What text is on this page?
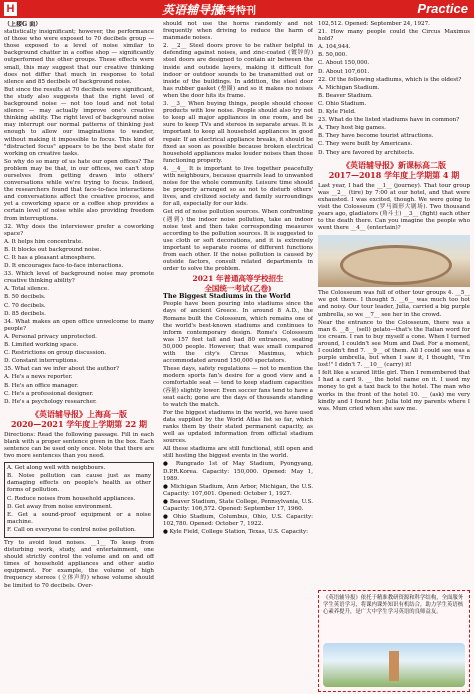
H	英语辅导报
高考特刊	Practice

（上接G 面）

statistically insignificant; however, the performance of those who were exposed to 70 decibels group — those exposed to a level of noise similar to background chatter in a coffee shop — significantly outperformed the other groups. These effects were small, this may suggest that our creative thinking does not differ that much in response to total silence and 85 decibels of background noise.

But since the results at 70 decibels were significant, the study also suggests that the right level of background noise — not too loud and not total silence — may actually improve one's creative thinking ability. The right level of background noise may interrupt our normal patterns of thinking just enough to allow our imaginations to wander, without making it impossible to focus. This kind of "distracted focus" appears to be the best state for working on creative tasks.

So why do so many of us hate our open offices? The problem may be that, in our offices, we can't stop ourselves from getting drawn into others' conversations while we're trying to focus. Indeed, the researchers found that face-to-face interactions and conversations affect the creative process, and yet a coworking space or a coffee shop provides a certain level of noise while also providing freedom from interruptions.

32. Why does the interviewer prefer a coworking space?

A. It helps him concentrate.

B. It blocks out background noise.

C. It has a pleasant atmosphere.

D. It encourages face-to-face interactions.

33. Which level of background noise may promote creative thinking ability?

A. Total silence.

B. 50 decibels.

C. 70 decibels.

D. 85 decibels.

34. What makes an open office unwelcome to many people?

A. Personal privacy unprotected.

B. Limited working space.

C. Restrictions on group discussion.

D. Constant interruptions.

35. What can we infer about the author?

A. He's a news reporter.

B. He's an office manager.

C. He's a professional designer.

D. He's a psychology researcher.

《英语辅导报》上海高一版
2020—2021 学年度上学期第 22 期

Directions: Read the following passage. Fill in each blank with a proper sentence given in the box. Each sentence can be used only once. Note that there are two more sentences than you need.

A. Get along well with neighbours.

B. Noise pollution can cause just as many damaging effects on people's health as other forms of pollution.

C. Reduce noises from household appliances.

D. Get away from noise environment.

E. Get a sound-proof equipment or a noise machine.

F. Call on everyone to control noise pollution.

Try to avoid loud noises. __1__ To keep from disturbing work, study, and entertainment, one should strictly control the volume and on and off times of household appliances and other audio equipment. For example, the volume of high frequency stereos (立体声的) whose volume should be limited to 70 decibels. Over-

should not use the horns randomly and not frequently when driving to reduce the harm of manmade noises.

2. __2__ Steel doors prove to be rather helpful in defending against noises, and zinc-coated (镀锌的) steel doors are designed to contain air between the inside and outside layers, making it difficult for indoor or outdoor sounds to be transmitted out or inside of the buildings. In addition, the steel door has rubber gasket (垫圈) and so it makes no noises when the door hits its frame.

3. __3__ When buying things, people should choose products with low noise. People should also try not to keep all major appliances in one room, and be sure to keep TVs and stereos in separate areas. It is important to keep all household appliances in good repair. If an electrical appliance breaks, it should be fixed as soon as possible because broken electrical household appliances make louder noises than those functioning properly.

4. __4__ It is important to live together peacefully with neighbours, because quarrels lead to unwanted noise for the whole community. Leisure time should be properly arranged so as not to disturb others' lives, and civilized society and family surroundings for all, especially for our kids.

Get rid of noise pollution sources. When confronting (遇到) the indoor noise pollution, take an indoor noise test and then take corresponding measures according to the pollution sources. It is suggested to use cloth or soft decorations, and it is extremely important to separate rooms of different functions from each other. If the noise pollution is caused by outside factors, consult related departments in order to solve the problem.

2021 年普通高等学校招生
全国统一考试(乙卷)

The Biggest Stadiums in the World

People have been pouring into stadiums since the days of ancient Greece. In around 8 A.D., the Romans built the Colosseum, which remains one of the world's best-known stadiums and continues to inform contemporary design. Rome's Colosseum was 157 feet tall and had 80 entrances, seating 50,000 people. However, that was small compared with the city's Circus Maximus, which accommodated around 150,000 spectators.

These days, safety regulations — not to mention the modern sports fan's desire for a good view and a comfortable seat — tend to keep stadium capacities (容量) slightly lower. Even soccer fans tend to have a seat each; gone are the days of thousands standing to watch the match.

For the biggest stadiums in the world, we have used data supplied by the World Atlas list so far, which ranks them by their stated permanent capacity, as well as updated information from official stadium sources.

All these stadiums are still functional, still open and still hosting the biggest events in the world.

● Rungrado 1st of May Stadium, Pyongyang, D.P.R.Korea. Capacity: 150,000. Opened: May 1, 1989.

● Michigan Stadium, Ann Arbor, Michigan, the U.S. Capacity: 107,601. Opened: October 1, 1927.

● Beaver Stadium, State College, Pennsylvania, U.S. Capacity: 106,572. Opened: September 17, 1960.

● Ohio Stadium, Columbus, Ohio, U.S. Capacity: 102,780. Opened: October 7, 1922.

● Kyle Field, College Station, Texas, U.S. Capacity:

102,512. Opened: September 24, 1927.

21. How many people could the Circus Maximus hold?

A. 104,944.

B. 50,000.

C. About 150,000.

D. About 107,601.

22. Of the following stadiums, which is the oldest?

A. Michigan Stadium.

B. Beaver Stadium.

C. Ohio Stadium.

D. Kyle Field.

23. What do the listed stadiums have in common?

A. They host big games.

B. They have become tourist attractions.

C. They were built by Americans.

D. They are favored by architects.

《英语辅导报》新课标高二版
2017—2018 学年度上学期第 4 期

Last year, I had the __1__ (journey). That tour group was __2__ (tire) by 7:00 at our hotel, and that were exhausted. I was excited, though. We were going to visit the Colosseum (罗马圆形大剧场). Two thousand years ago, gladiators (角斗士) __3__ (fight) each other to the death there. Can you imagine the people who went there __4__ (entertain)?

The Colosseum was full of other tour groups 4. __5__ we got there. I thought 5. __6__ was much too hot and noisy. Our tour leader, Julia, carried a big purple umbrella, so we __7__ see her in the crowd.

Near the entrance to the Colosseum, there was a man 6. __8__ (sell) gelato—that's the Italian word for ice cream. I ran to buy myself a cone. When I turned around, I couldn't see Mum and Dad. For a moment, I couldn't find 7. __9__ of them. All I could see was a purple umbrella, but when I saw it, I thought, "I'm lost!" I didn't 7. __10__ (carry) it!

I felt like a scared little girl. Then I remembered that I had a card 9. __ the hotel name on it. I used my money to get a taxi back to the hotel. The man who works in the front of the hotel 10. __ (ask) me very kindly and I found her. Julia told my parents where I was. Mum cried when she saw me.

《英语辅导报》依托于精准教研资源和科学结构，全面服务学生英语学习，将课内课外知识有机结合，助力学生英语核心素养提升，是广大中学生学习英语的良师益友。
